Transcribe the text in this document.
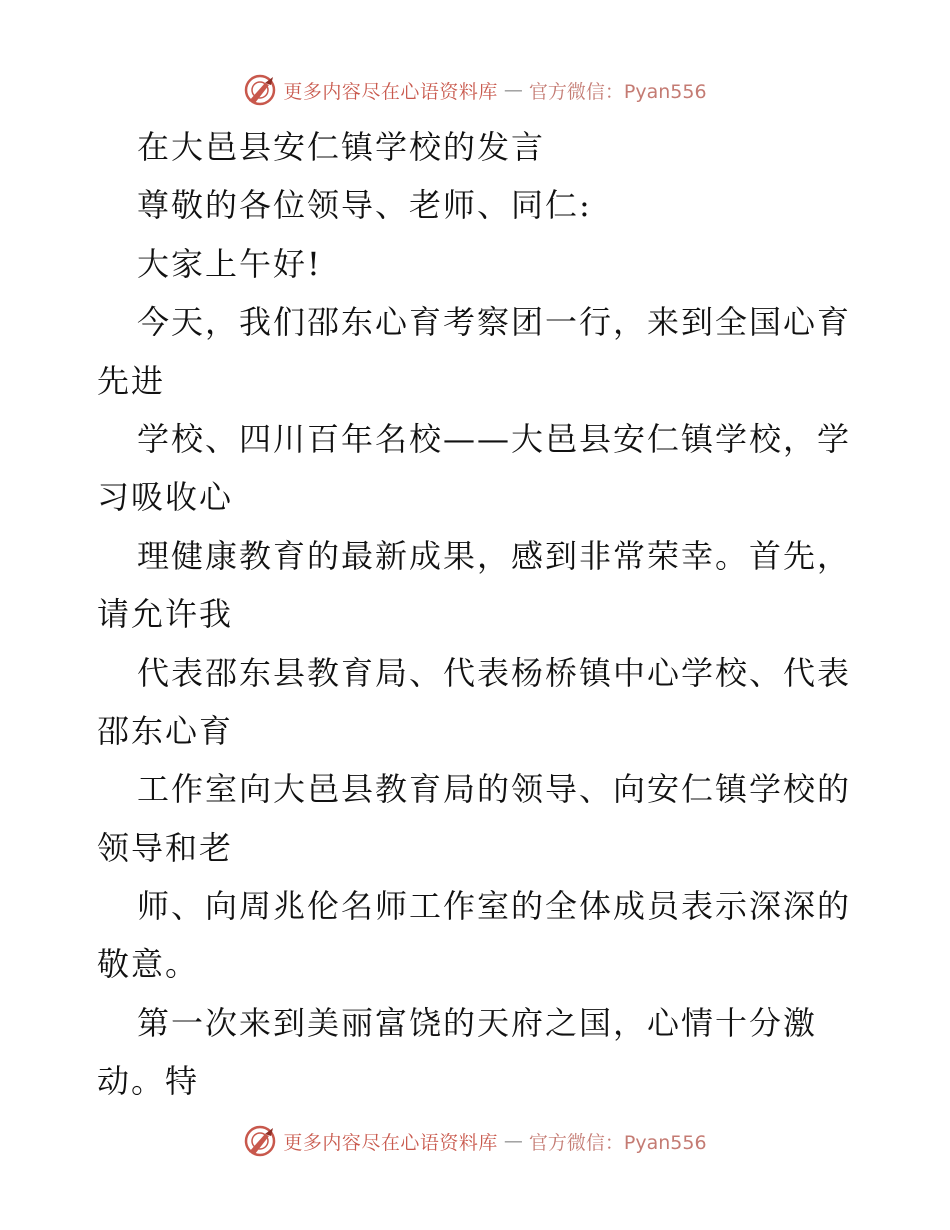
更多内容尽在心语资料库 — 官方微信：Pyan556
在大邑县安仁镇学校的发言
尊敬的各位领导、老师、同仁:
大家上午好!
今天，我们邵东心育考察团一行，来到全国心育
先进
学校、四川百年名校——大邑县安仁镇学校，学
习吸收心
理健康教育的最新成果，感到非常荣幸。首先，
请允许我
代表邵东县教育局、代表杨桥镇中心学校、代表
邵东心育
工作室向大邑县教育局的领导、向安仁镇学校的
领导和老
师、向周兆伦名师工作室的全体成员表示深深的
敬意。
第一次来到美丽富饶的天府之国，心情十分激
动。特
更多内容尽在心语资料库 — 官方微信：Pyan556
